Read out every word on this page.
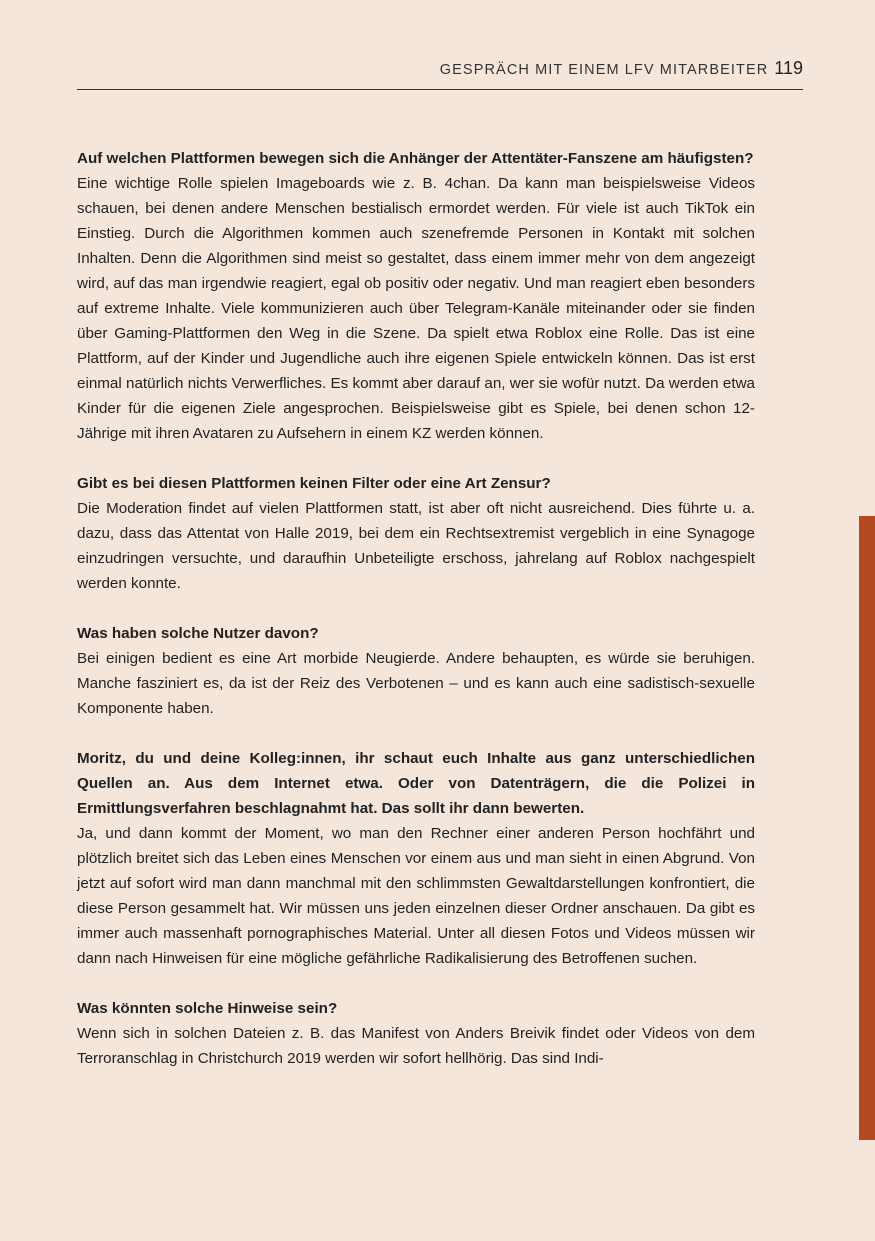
GESPRÄCH MIT EINEM LFV MITARBEITER 119

Auf welchen Plattformen bewegen sich die Anhänger der Attentäter-Fanszene am häufigsten?

Eine wichtige Rolle spielen Imageboards wie z. B. 4chan. Da kann man beispielsweise Videos schauen, bei denen andere Menschen bestialisch ermordet werden. Für viele ist auch TikTok ein Einstieg. Durch die Algorithmen kommen auch szenefremde Personen in Kontakt mit solchen Inhalten. Denn die Algorithmen sind meist so gestaltet, dass einem immer mehr von dem angezeigt wird, auf das man irgendwie reagiert, egal ob positiv oder negativ. Und man reagiert eben besonders auf extreme Inhalte. Viele kommunizieren auch über Telegram-Kanäle miteinander oder sie finden über Gaming-Plattformen den Weg in die Szene. Da spielt etwa Roblox eine Rolle. Das ist eine Plattform, auf der Kinder und Jugendliche auch ihre eigenen Spiele entwickeln können. Das ist erst einmal natürlich nichts Verwerfliches. Es kommt aber darauf an, wer sie wofür nutzt. Da werden etwa Kinder für die eigenen Ziele angesprochen. Beispielsweise gibt es Spiele, bei denen schon 12-Jährige mit ihren Avataren zu Aufsehern in einem KZ werden können.

Gibt es bei diesen Plattformen keinen Filter oder eine Art Zensur?

Die Moderation findet auf vielen Plattformen statt, ist aber oft nicht ausreichend. Dies führte u. a. dazu, dass das Attentat von Halle 2019, bei dem ein Rechtsextremist vergeblich in eine Synagoge einzudringen versuchte, und daraufhin Unbeteiligte erschoss, jahrelang auf Roblox nachgespielt werden konnte.

Was haben solche Nutzer davon?

Bei einigen bedient es eine Art morbide Neugierde. Andere behaupten, es würde sie beruhigen. Manche fasziniert es, da ist der Reiz des Verbotenen – und es kann auch eine sadistisch-sexuelle Komponente haben.

Moritz, du und deine Kolleg:innen, ihr schaut euch Inhalte aus ganz unterschiedlichen Quellen an. Aus dem Internet etwa. Oder von Datenträgern, die die Polizei in Ermittlungsverfahren beschlagnahmt hat. Das sollt ihr dann bewerten.

Ja, und dann kommt der Moment, wo man den Rechner einer anderen Person hochfährt und plötzlich breitet sich das Leben eines Menschen vor einem aus und man sieht in einen Abgrund. Von jetzt auf sofort wird man dann manchmal mit den schlimmsten Gewaltdarstellungen konfrontiert, die diese Person gesammelt hat. Wir müssen uns jeden einzelnen dieser Ordner anschauen. Da gibt es immer auch massenhaft pornographisches Material. Unter all diesen Fotos und Videos müssen wir dann nach Hinweisen für eine mögliche gefährliche Radikalisierung des Betroffenen suchen.

Was könnten solche Hinweise sein?

Wenn sich in solchen Dateien z. B. das Manifest von Anders Breivik findet oder Videos von dem Terroranschlag in Christchurch 2019 werden wir sofort hellhörig. Das sind Indi-
